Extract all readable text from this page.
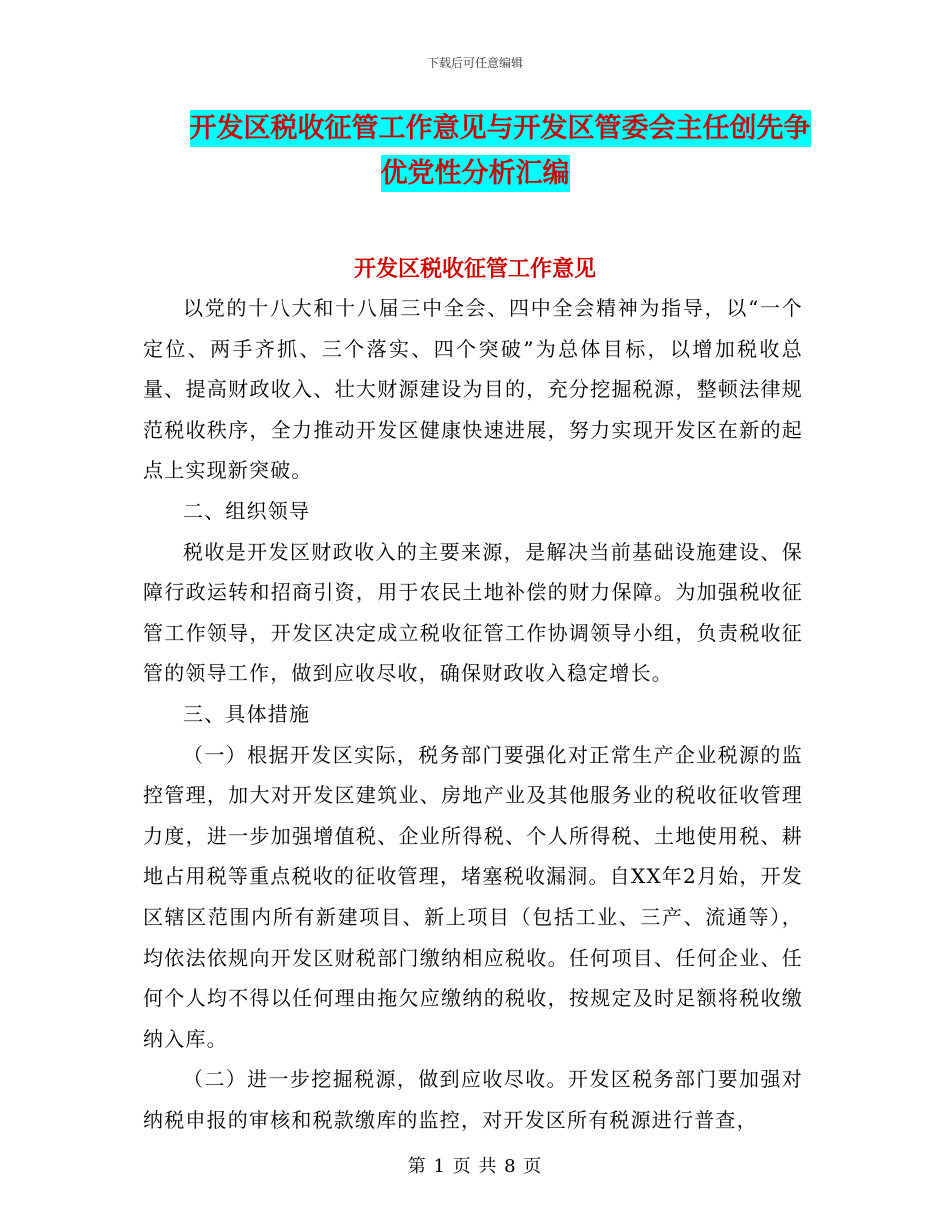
下载后可任意编辑
开发区税收征管工作意见与开发区管委会主任创先争
优党性分析汇编
开发区税收征管工作意见

以党的十八大和十八届三中全会、四中全会精神为指导，以“一个定位、两手齐抓、三个落实、四个突破”为总体目标，以增加税收总量、提高财政收入、壮大财源建设为目的，充分挖掘税源，整顿法律规范税收秩序，全力推动开发区健康快速进展，努力实现开发区在新的起点上实现新突破。

二、组织领导

税收是开发区财政收入的主要来源，是解决当前基础设施建设、保障行政运转和招商引资，用于农民土地补偿的财力保障。为加强税收征管工作领导，开发区决定成立税收征管工作协调领导小组，负责税收征管的领导工作，做到应收尽收，确保财政收入稳定增长。

三、具体措施

（一）根据开发区实际，税务部门要强化对正常生产企业税源的监控管理，加大对开发区建筑业、房地产业及其他服务业的税收征收管理力度，进一步加强增值税、企业所得税、个人所得税、土地使用税、耕地占用税等重点税收的征收管理，堵塞税收漏洞。自XX年2月始，开发区辖区范围内所有新建项目、新上项目（包括工业、三产、流通等），均依法依规向开发区财税部门缴纳相应税收。任何项目、任何企业、任何个人均不得以任何理由拖欠应缴纳的税收，按规定及时足额将税收缴纳入库。

（二）进一步挖掘税源，做到应收尽收。开发区税务部门要加强对纳税申报的审核和税款缴库的监控，对开发区所有税源进行普查，

第 1 页 共 8 页
